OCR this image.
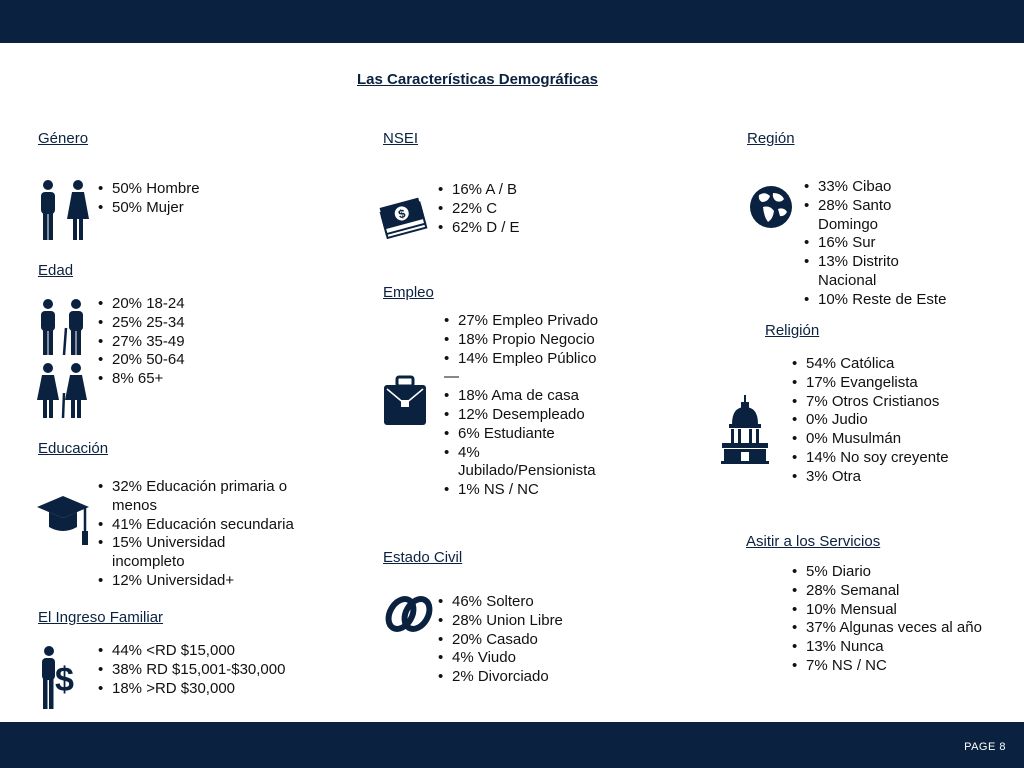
Las Características Demográficas
Género
• 50% Hombre
• 50% Mujer
Edad
• 20% 18-24
• 25% 25-34
• 27% 35-49
• 20% 50-64
• 8% 65+
Educación
• 32% Educación primaria o menos
• 41% Educación secundaria
• 15% Universidad incompleto
• 12% Universidad+
El Ingreso Familiar
$
• 44% <RD $15,000
• 38% RD $15,001-$30,000
• 18% >RD $30,000
NSEI
$
• 16% A / B
• 22% C
• 62% D / E
Empleo
• 27% Empleo Privado
• 18% Propio Negocio
• 14% Empleo Público
—
• 18% Ama de casa
• 12% Desempleado
• 6% Estudiante
• 4% Jubilado/Pensionista
• 1% NS / NC
Estado Civil
• 46% Soltero
• 28% Union Libre
• 20% Casado
• 4% Viudo
• 2% Divorciado
Región
• 33% Cibao
• 28% Santo Domingo
• 16% Sur
• 13% Distrito Nacional
• 10% Reste de Este
Religión
• 54% Católica
• 17% Evangelista
• 7% Otros Cristianos
• 0% Judio
• 0% Musulmán
• 14% No soy creyente
• 3% Otra
Asitir a los Servicios
• 5% Diario
• 28% Semanal
• 10% Mensual
• 37% Algunas veces al año
• 13% Nunca
• 7% NS / NC
PAGE 8
